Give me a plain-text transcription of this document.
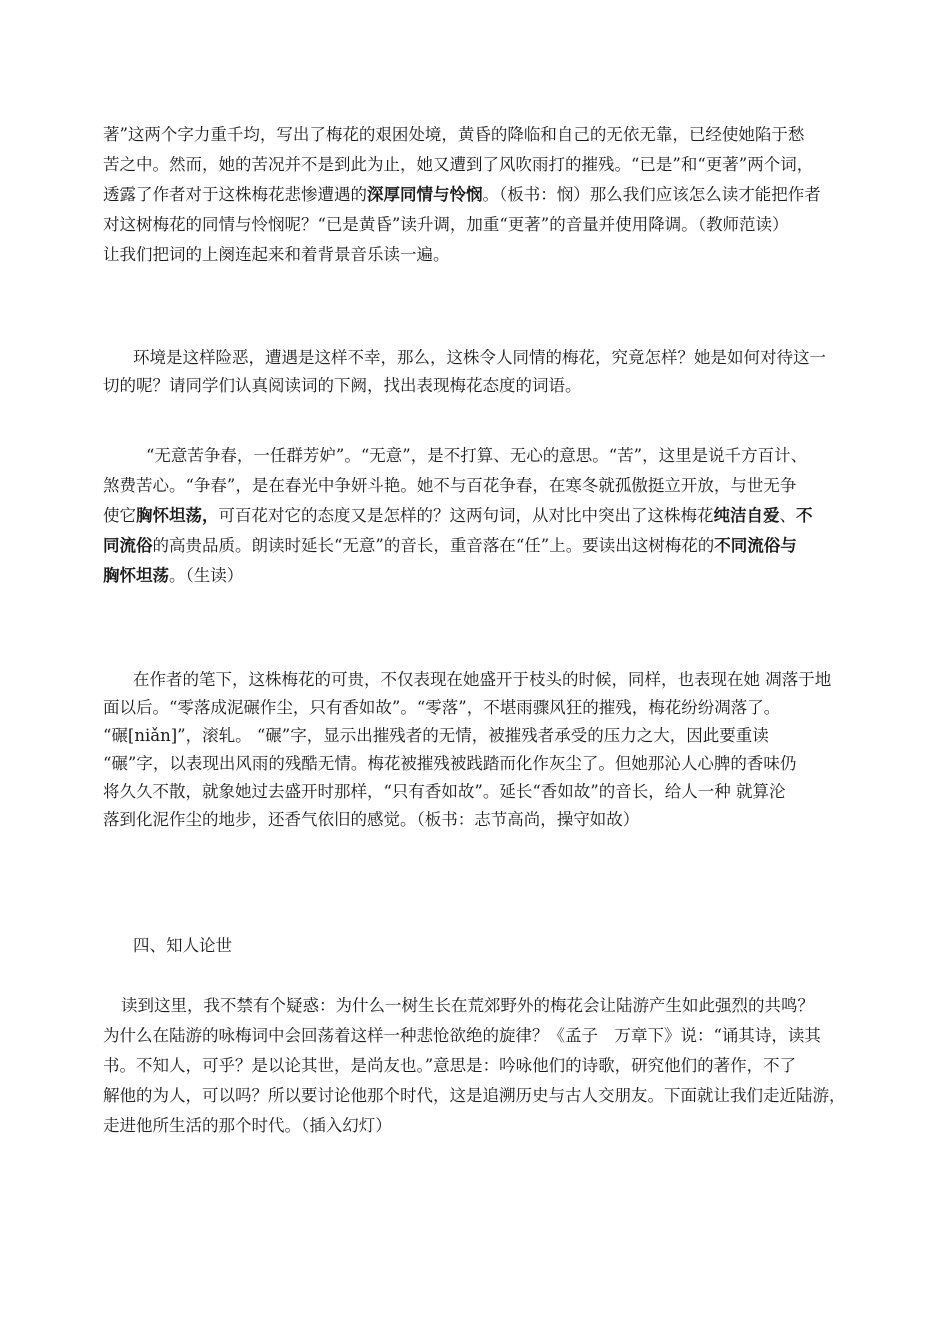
著”这两个字力重千均，写出了梅花的艰困处境，黄昏的降临和自己的无依无靠，已经使她陷于愁
苦之中。然而，她的苦况并不是到此为止，她又遭到了风吹雨打的摧残。“已是”和“更著”两个词，
透露了作者对于这株梅花悲惨遭遇的深厚同情与怜悯。（板书：悯）那么我们应该怎么读才能把作者
对这树梅花的同情与怜悯呢？“已是黄昏”读升调，加重“更著”的音量并使用降调。（教师范读）
让我们把词的上阕连起来和着背景音乐读一遍。

环境是这样险恶，遭遇是这样不幸，那么，这株令人同情的梅花，究竟怎样？她是如何对待这一
切的呢？请同学们认真阅读词的下阙，找出表现梅花态度的词语。

“无意苦争春，一任群芳妒”。“无意”，是不打算、无心的意思。“苦”，这里是说千方百计、
煞费苦心。“争春”，是在春光中争妍斗艳。她不与百花争春，在寒冬就孤傲挺立开放，与世无争
使它胸怀坦荡，可百花对它的态度又是怎样的？这两句词，从对比中突出了这株梅花纯洁自爱、不
同流俗的高贵品质。朗读时延长“无意”的音长，重音落在“任”上。要读出这树梅花的不同流俗与
胸怀坦荡。（生读）

在作者的笔下，这株梅花的可贵，不仅表现在她盛开于枝头的时候，同样，也表现在她 凋落于地
面以后。“零落成泥碾作尘，只有香如故”。“零落”，不堪雨骤风狂的摧残，梅花纷纷凋落了。
“碾[niǎn]”，滚轧。 “碾”字，显示出摧残者的无情，被摧残者承受的压力之大，因此要重读
“碾”字，以表现出风雨的残酷无情。梅花被摧残被践踏而化作灰尘了。但她那沁人心脾的香味仍
将久久不散，就象她过去盛开时那样，“只有香如故”。延长“香如故”的音长，给人一种 就算沦
落到化泥作尘的地步，还香气依旧的感觉。（板书：志节高尚，操守如故）

四、知人论世

读到这里，我不禁有个疑惑：为什么一树生长在荒郊野外的梅花会让陆游产生如此强烈的共鸣？
为什么在陆游的咏梅词中会回荡着这样一种悲怆欲绝的旋律？《孟子　万章下》说：“诵其诗，读其
书。不知人，可乎？是以论其世，是尚友也。”意思是：吟咏他们的诗歌，研究他们的著作，不了
解他的为人，可以吗？所以要讨论他那个时代，这是追溯历史与古人交朋友。下面就让我们走近陆游，
走进他所生活的那个时代。（插入幻灯）
